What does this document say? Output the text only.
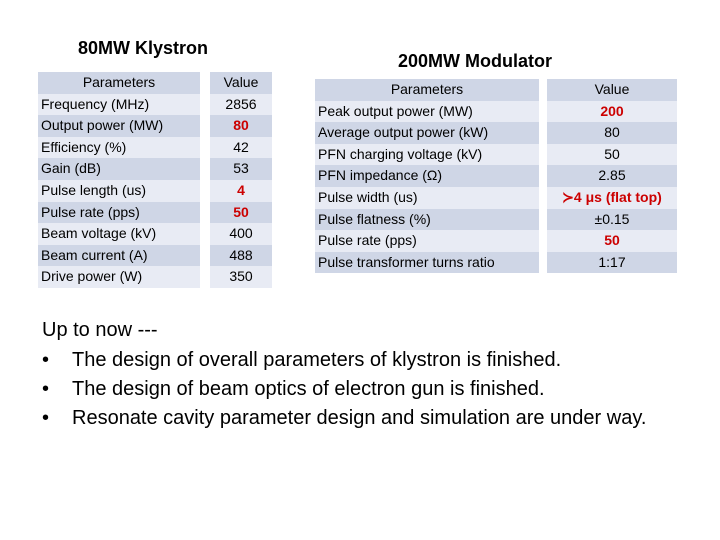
80MW Klystron
Parameters		Value
Frequency (MHz)		2856
Output power (MW)		80
Efficiency (%)		42
Gain (dB)		53
Pulse length (us)		4
Pulse rate (pps)		50
Beam voltage (kV)		400
Beam current (A)		488
Drive power (W)		350
200MW Modulator
Parameters		Value
Peak output power (MW)		200
Average output power (kW)		80
PFN charging voltage (kV)		50
PFN impedance (Ω)		2.85
Pulse width (us)		≻4 μs (flat top)
Pulse flatness (%)		±0.15
Pulse rate (pps)		50
Pulse transformer turns ratio		1:17
Up to now ---
• The design of overall parameters of klystron is finished.
• The design of beam optics of electron gun is finished.
• Resonate cavity parameter design and simulation are under way.
